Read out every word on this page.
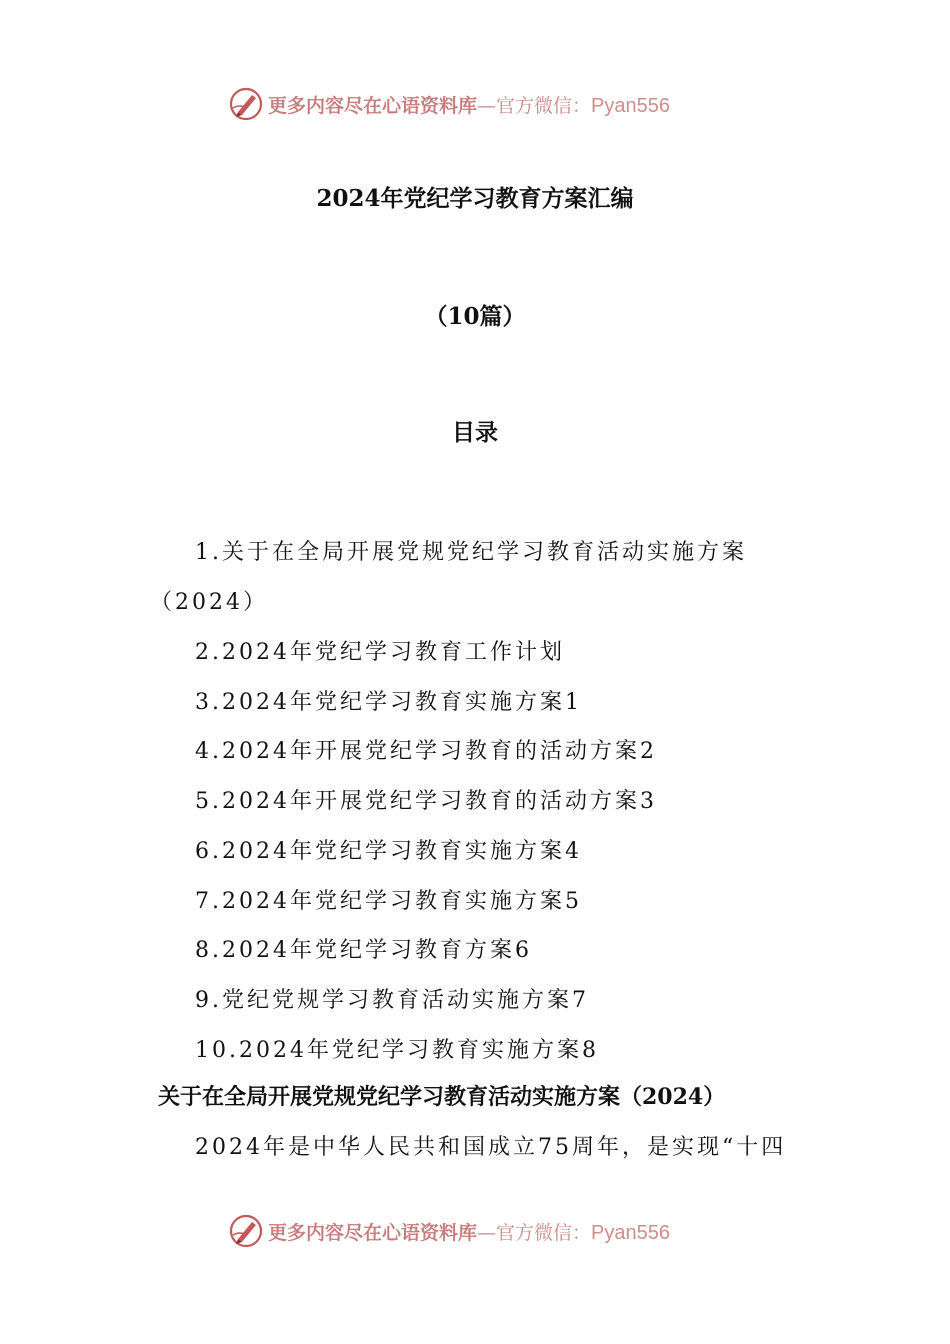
更多内容尽在心语资料库—官方微信：Pyan556
2024年党纪学习教育方案汇编
（10篇）
目录
1.关于在全局开展党规党纪学习教育活动实施方案
（2024）
2.2024年党纪学习教育工作计划
3.2024年党纪学习教育实施方案1
4.2024年开展党纪学习教育的活动方案2
5.2024年开展党纪学习教育的活动方案3
6.2024年党纪学习教育实施方案4
7.2024年党纪学习教育实施方案5
8.2024年党纪学习教育方案6
9.党纪党规学习教育活动实施方案7
10.2024年党纪学习教育实施方案8
关于在全局开展党规党纪学习教育活动实施方案（2024）
2024年是中华人民共和国成立75周年，是实现“十四
更多内容尽在心语资料库—官方微信：Pyan556
